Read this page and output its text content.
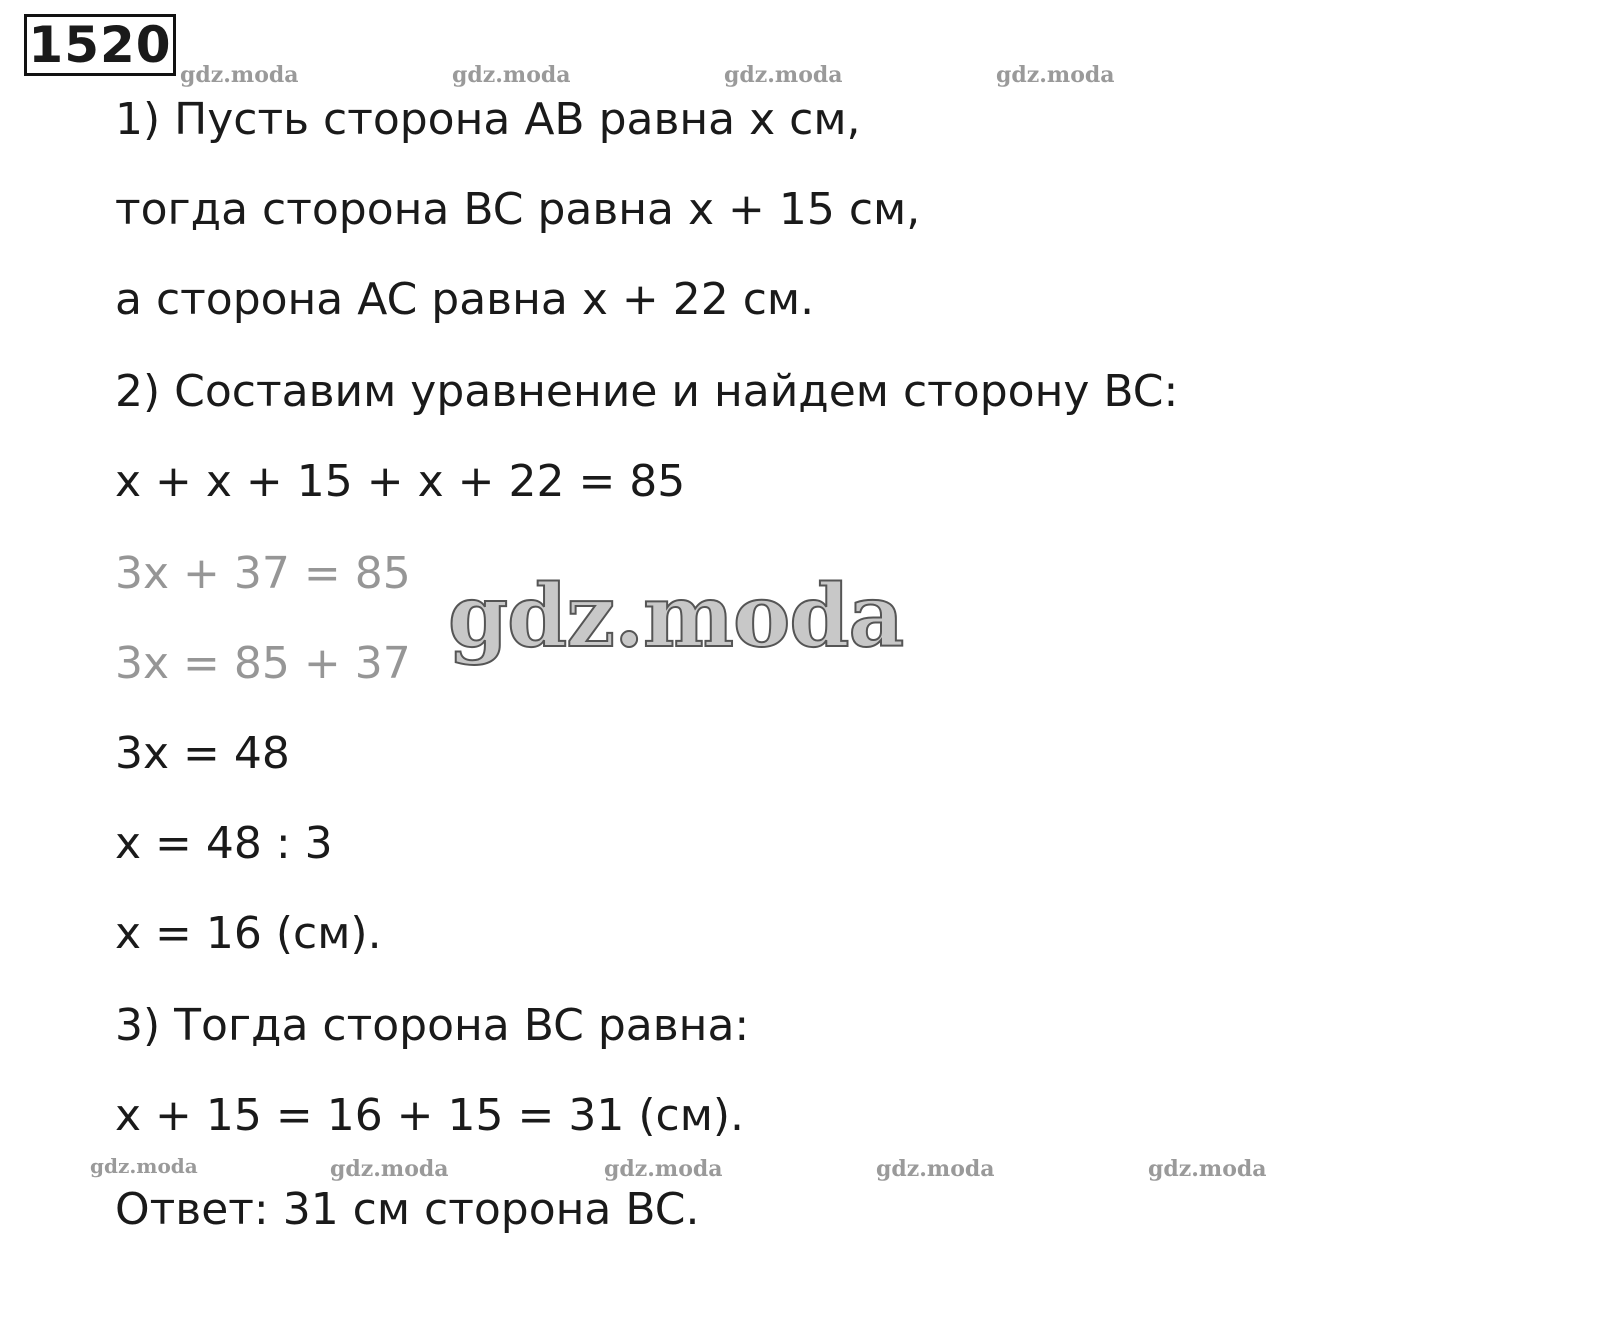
1520
gdz.moda	gdz.moda	gdz.moda	gdz.moda
1) Пусть сторона AB равна x см,
тогда сторона BC равна x + 15 см,
а сторона AC равна x + 22 см.
2) Составим уравнение и найдем сторону BC:
x + x + 15 + x + 22 = 85
3x + 37 = 85
3x = 85 + 37
3x = 48
x = 48 : 3
x = 16 (см).
3) Тогда сторона BC равна:
x + 15 = 16 + 15 = 31 (см).
Ответ: 31 см сторона BC.
gdz.moda
gdz.moda	gdz.moda	gdz.moda	gdz.moda	gdz.moda
